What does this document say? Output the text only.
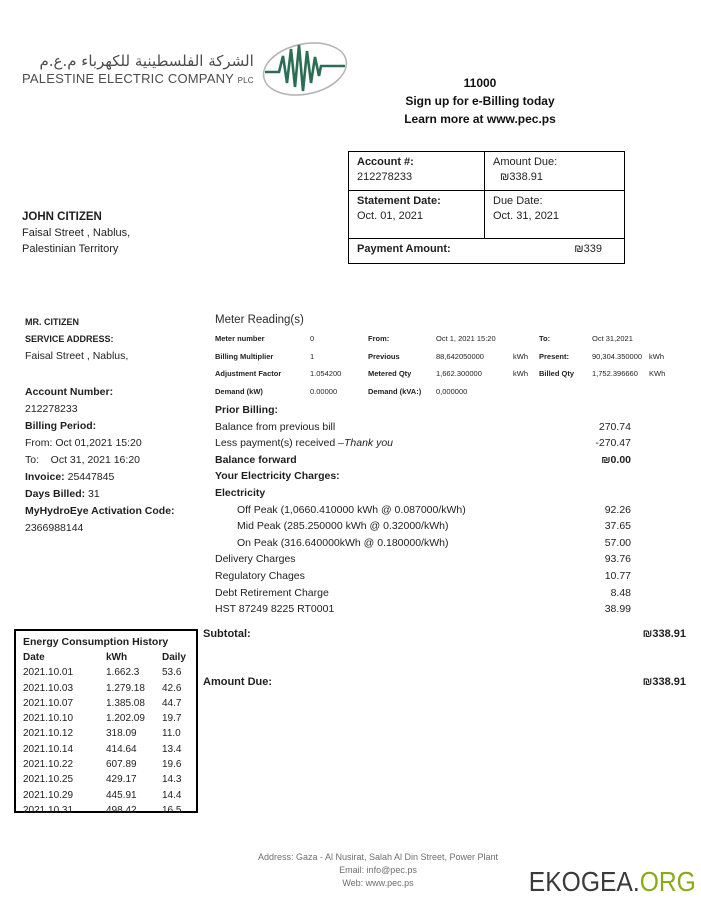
الشركة الفلسطينية للكهرباء م.ع.م
PALESTINE ELECTRIC COMPANY PLC	11000
Sign up for e-Billing today
Learn more at www.pec.ps
Account #:
212278233
Amount Due:
₪338.91
Statement Date:
Oct. 01, 2021
Due Date:
Oct. 31, 2021
Payment Amount:	₪339
JOHN CITIZEN
Faisal Street , Nablus,
Palestinian Territory
MR. CITIZEN
SERVICE ADDRESS:
Faisal Street , Nablus,
Account Number:
212278233
Billing Period:
From: Oct 01,2021 15:20
To:    Oct 31, 2021 16:20
Invoice: 25447845
Days Billed: 31
MyHydroEye Activation Code:
2366988144
Meter Reading(s)
Meter number	0	From:	Oct 1, 2021 15:20	To:	Oct 31,2021
Billing Multiplier	1	Previous	88,642050000	kWh	Present:	90,304.350000 kWh
Adjustment Factor	1.054200	Metered Qty	1,662.300000	kWh	Billed Qty	1,752.396660	KWh
Demand (kW)	0.00000	Demand (kVA:)	0,000000
Prior Billing:
Balance from previous bill	270.74
Less payment(s) received –Thank you	-270.47
Balance forward	₪0.00
Your Electricity Charges:
Electricity
Off Peak (1,0660.410000 kWh @ 0.087000/kWh)	92.26
Mid Peak (285.250000 kWh @ 0.32000/kWh)	37.65
On Peak (316.640000kWh @ 0.180000/kWh)	57.00
Delivery Charges	93.76
Regulatory Chages	10.77
Debt Retirement Charge	8.48
HST 87249 8225 RT0001	38.99
Subtotal:	₪338.91
Amount Due:	₪338.91
Energy Consumption History
Date	kWh	Daily
2021.10.01	1.662.3	53.6
2021.10.03	1.279.18	42.6
2021.10.07	1.385.08	44.7
2021.10.10	1.202.09	19.7
2021.10.12	318.09	11.0
2021.10.14	414.64	13.4
2021.10.22	607.89	19.6
2021.10.25	429.17	14.3
2021.10.29	445.91	14.4
2021.10.31	498.42	16.5
Address: Gaza - Al Nusirat, Salah Al Din Street, Power Plant
Email: info@pec.ps
Web: www.pec.ps	EKOGEA.ORG
